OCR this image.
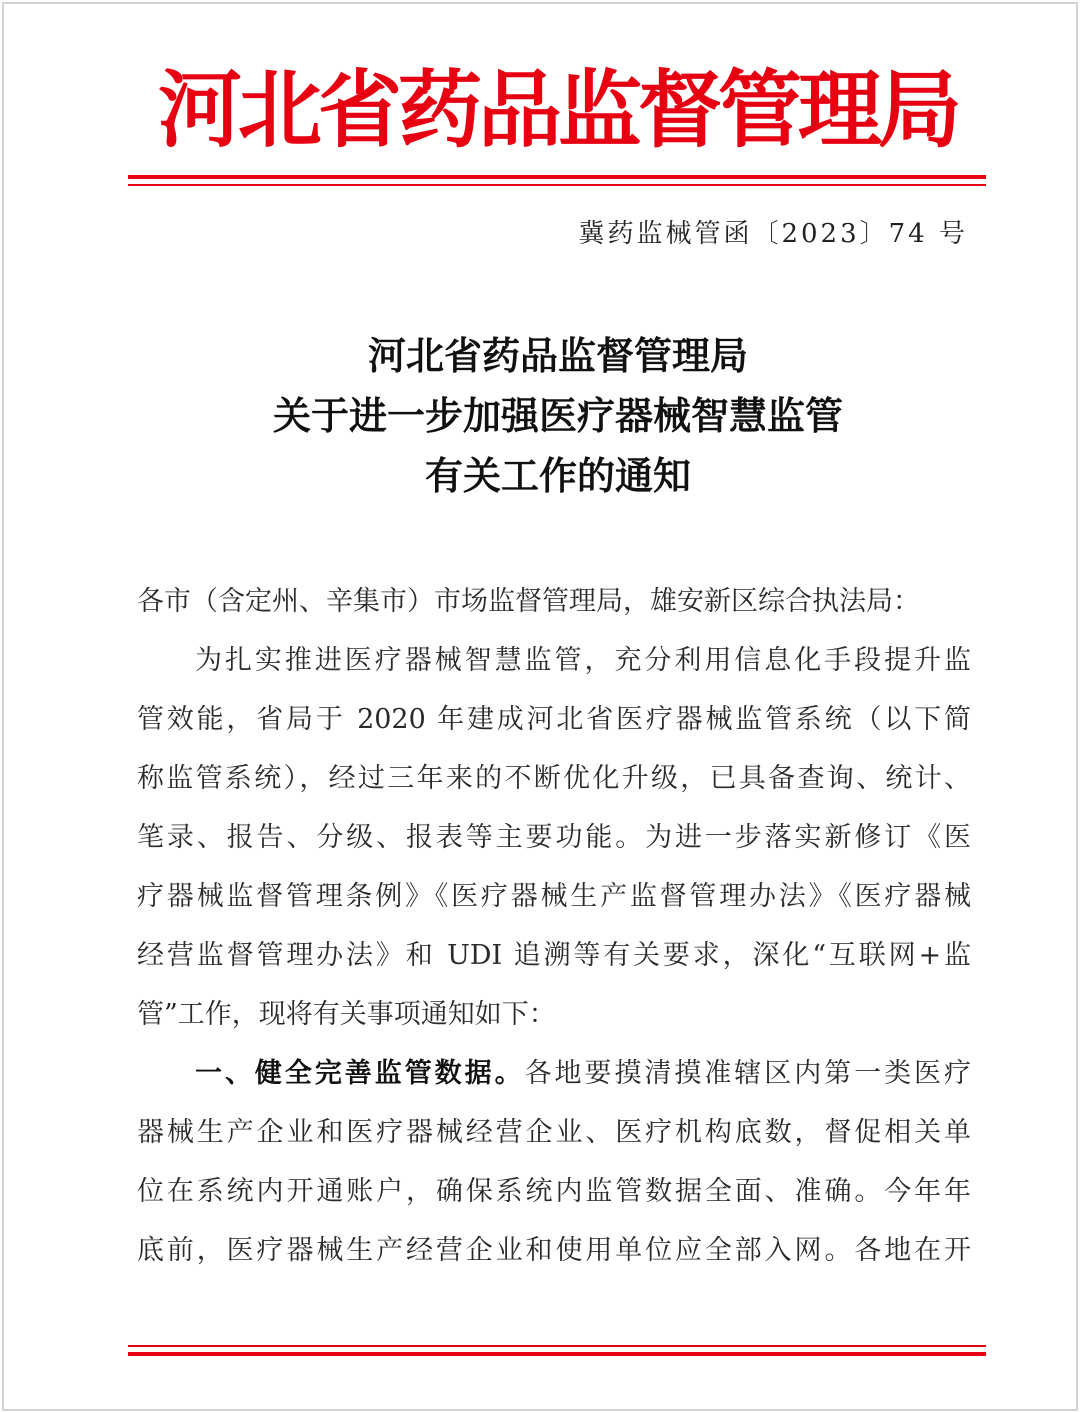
河北省药品监督管理局
冀药监械管函〔2023〕74 号
河北省药品监督管理局
关于进一步加强医疗器械智慧监管
有关工作的通知
各市（含定州、辛集市）市场监督管理局，雄安新区综合执法局：
为扎实推进医疗器械智慧监管，充分利用信息化手段提升监
管效能，省局于 2020 年建成河北省医疗器械监管系统（以下简
称监管系统），经过三年来的不断优化升级，已具备查询、统计、
笔录、报告、分级、报表等主要功能。为进一步落实新修订《医
疗器械监督管理条例》《医疗器械生产监督管理办法》《医疗器械
经营监督管理办法》和 UDI 追溯等有关要求，深化“互联网+监
管”工作，现将有关事项通知如下：
一、健全完善监管数据。各地要摸清摸准辖区内第一类医疗
器械生产企业和医疗器械经营企业、医疗机构底数，督促相关单
位在系统内开通账户，确保系统内监管数据全面、准确。今年年
底前，医疗器械生产经营企业和使用单位应全部入网。各地在开
